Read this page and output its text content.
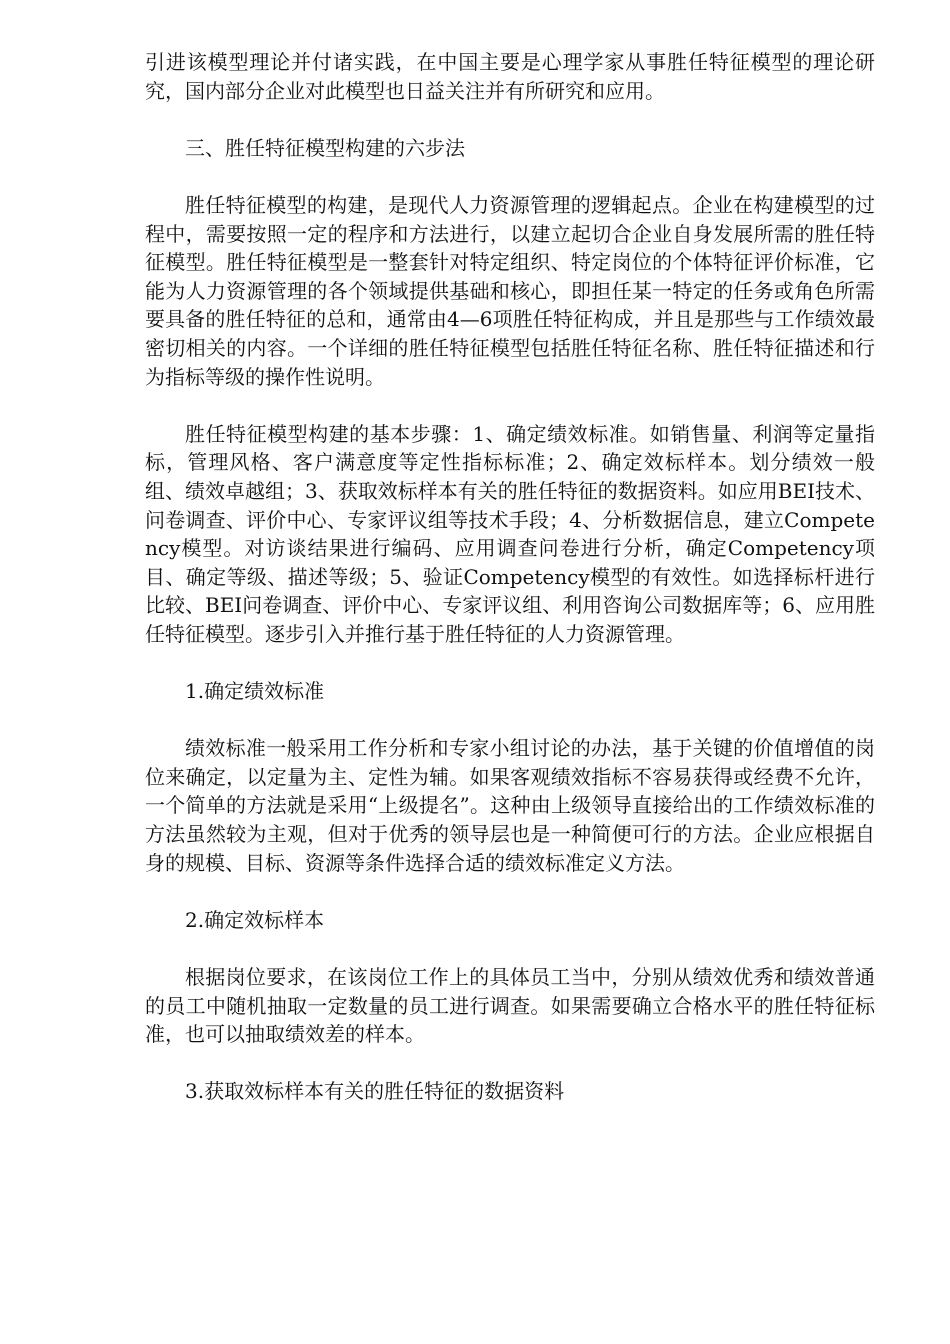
引进该模型理论并付诸实践，在中国主要是心理学家从事胜任特征模型的理论研究，国内部分企业对此模型也日益关注并有所研究和应用。

三、胜任特征模型构建的六步法

胜任特征模型的构建，是现代人力资源管理的逻辑起点。企业在构建模型的过程中，需要按照一定的程序和方法进行，以建立起切合企业自身发展所需的胜任特征模型。胜任特征模型是一整套针对特定组织、特定岗位的个体特征评价标准，它能为人力资源管理的各个领域提供基础和核心，即担任某一特定的任务或角色所需要具备的胜任特征的总和，通常由4—6项胜任特征构成，并且是那些与工作绩效最密切相关的内容。一个详细的胜任特征模型包括胜任特征名称、胜任特征描述和行为指标等级的操作性说明。

胜任特征模型构建的基本步骤：1、确定绩效标准。如销售量、利润等定量指标，管理风格、客户满意度等定性指标标准；2、确定效标样本。划分绩效一般组、绩效卓越组；3、获取效标样本有关的胜任特征的数据资料。如应用BEI技术、问卷调查、评价中心、专家评议组等技术手段；4、分析数据信息，建立Competency模型。对访谈结果进行编码、应用调查问卷进行分析，确定Competency项目、确定等级、描述等级；5、验证Competency模型的有效性。如选择标杆进行比较、BEI问卷调查、评价中心、专家评议组、利用咨询公司数据库等；6、应用胜任特征模型。逐步引入并推行基于胜任特征的人力资源管理。

1.确定绩效标准

绩效标准一般采用工作分析和专家小组讨论的办法，基于关键的价值增值的岗位来确定，以定量为主、定性为辅。如果客观绩效指标不容易获得或经费不允许，一个简单的方法就是采用“上级提名”。这种由上级领导直接给出的工作绩效标准的方法虽然较为主观，但对于优秀的领导层也是一种简便可行的方法。企业应根据自身的规模、目标、资源等条件选择合适的绩效标准定义方法。

2.确定效标样本

根据岗位要求，在该岗位工作上的具体员工当中，分别从绩效优秀和绩效普通的员工中随机抽取一定数量的员工进行调查。如果需要确立合格水平的胜任特征标准，也可以抽取绩效差的样本。

3.获取效标样本有关的胜任特征的数据资料
